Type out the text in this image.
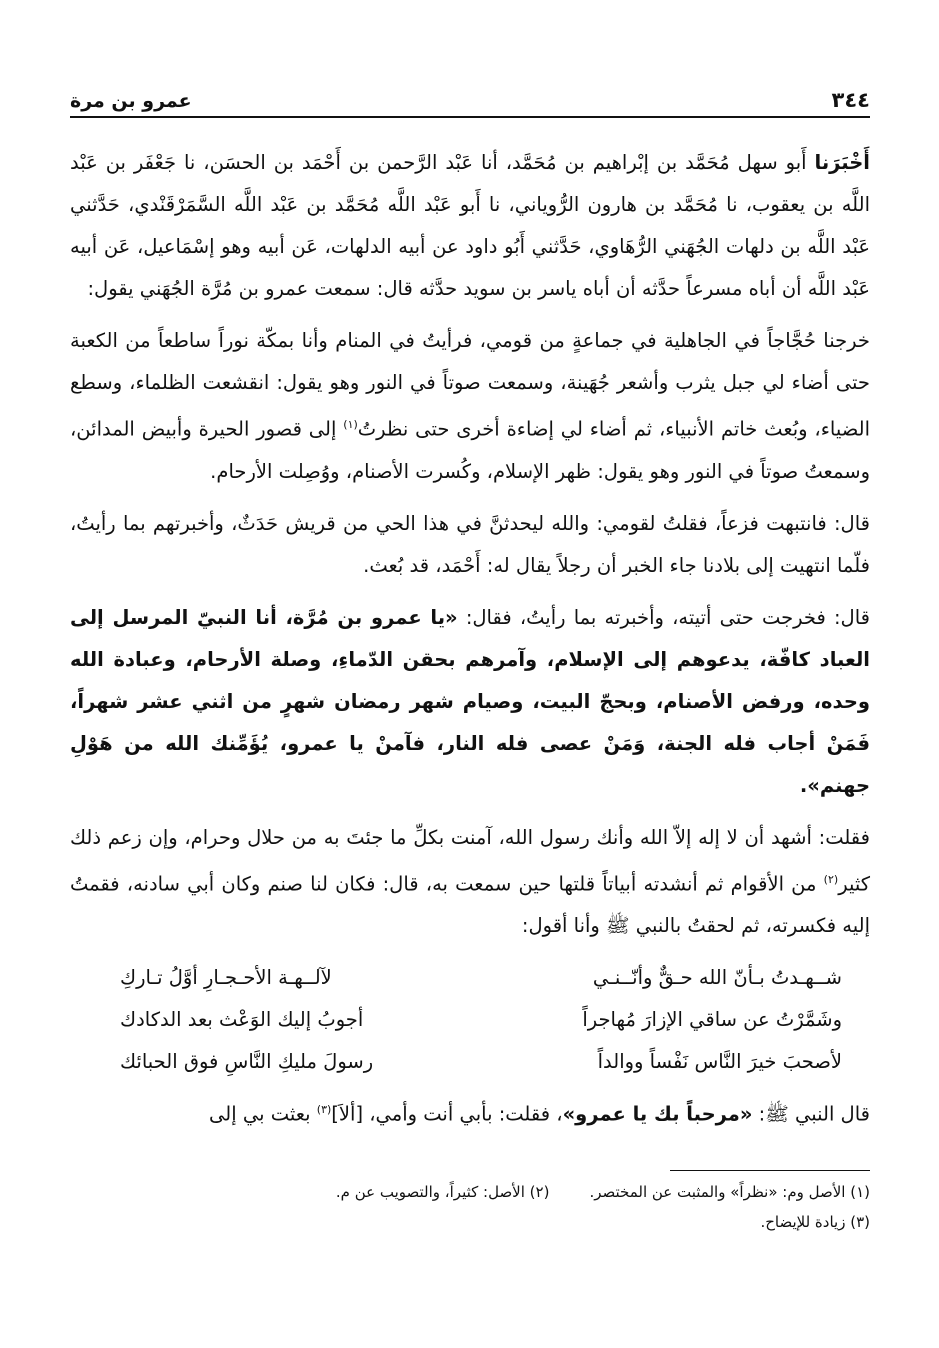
٣٤٤
عمرو بن مرة

أَخْبَرَنا أَبو سهل مُحَمَّد بن إبْراهيم بن مُحَمَّد، أنا عَبْد الرَّحمن بن أَحْمَد بن الحسَن، نا جَعْفَر بن عَبْد اللَّه بن يعقوب، نا مُحَمَّد بن هارون الرُّوياني، نا أَبو عَبْد اللَّه مُحَمَّد بن عَبْد اللَّه السَّمَرْقَنْدي، حَدَّثني عَبْد اللَّه بن دلهات الجُهَني الرُّهَاوي، حَدَّثني أَبُو داود عن أبيه الدلهات، عَن أبيه وهو إسْمَاعيل، عَن أبيه عَبْد اللَّه أن أباه مسرعاً حدَّثه أن أباه ياسر بن سويد حدَّثه قال: سمعت عمرو بن مُرَّة الجُهَني يقول:

خرجنا حُجَّاجاً في الجاهلية في جماعةٍ من قومي، فرأيتُ في المنام وأنا بمكّة نوراً ساطعاً من الكعبة حتى أضاء لي جبل يثرب وأشعر جُهَينة، وسمعت صوتاً في النور وهو يقول: انقشعت الظلماء، وسطع الضياء، وبُعث خاتم الأنبياء، ثم أضاء لي إضاءة أخرى حتى نظرتُ$^{(١)}$ إلى قصور الحيرة وأبيض المدائن، وسمعتُ صوتاً في النور وهو يقول: ظهر الإسلام، وكُسرت الأصنام، ووُصِلت الأرحام.

قال: فانتبهت فزعاً، فقلتُ لقومي: والله ليحدثنَّ في هذا الحي من قريش حَدَثٌ، وأخبرتهم بما رأيتُ، فلّما انتهيت إلى بلادنا جاء الخبر أن رجلاً يقال له: أَحْمَد، قد بُعث.

قال: فخرجت حتى أتيته، وأخبرته بما رأيتُ، فقال: «يا عمرو بن مُرَّة، أنا النبيّ المرسل إلى العباد كافّة، يدعوهم إلى الإسلام، وآمرهم بحقن الدّماءِ، وصلة الأرحام، وعبادة الله وحده، ورفض الأصنام، وبحجّ البيت، وصيام شهر رمضان شهرٍ من اثني عشر شهراً، فَمَنْ أجاب فله الجنة، وَمَنْ عصى فله النار، فآمنْ يا عمرو، يُؤَمِّنك الله من هَوْلِ جهنم».

فقلت: أشهد أن لا إله إلاّ الله وأنك رسول الله، آمنت بكلِّ ما جئتَ به من حلال وحرام، وإن زعم ذلك كثير$^{(٢)}$ من الأقوام ثم أنشدته أبياتاً قلتها حين سمعت به، قال: فكان لنا صنم وكان أبي سادنه، فقمتُ إليه فكسرته، ثم لحقتُ بالنبي ﷺ وأنا أقول:

شــهـدتُ بـأنّ الله حـقٌّ وأنّــنـي
لآلــهـة الأحـجـارِ أوَّلُ تـاركِ
وشَمَّرْتُ عن ساقي الإزارَ مُهاجراً
أجوبُ إليك الوَعْث بعد الدكادك
لأصحبَ خيرَ النَّاس نَفْساً ووالداً
رسولَ مليكِ النَّاسِ فوق الحبائك

قال النبي ﷺ: «مرحباً بك يا عمرو»، فقلت: بأبي أنت وأمي، [ألاَ]$^{(٣)}$ بعثت بي إلى

(١) الأصل وم: «نظراً» والمثبت عن المختصر.
(٢) الأصل: كثيراً، والتصويب عن م.
(٣) زيادة للإيضاح.
